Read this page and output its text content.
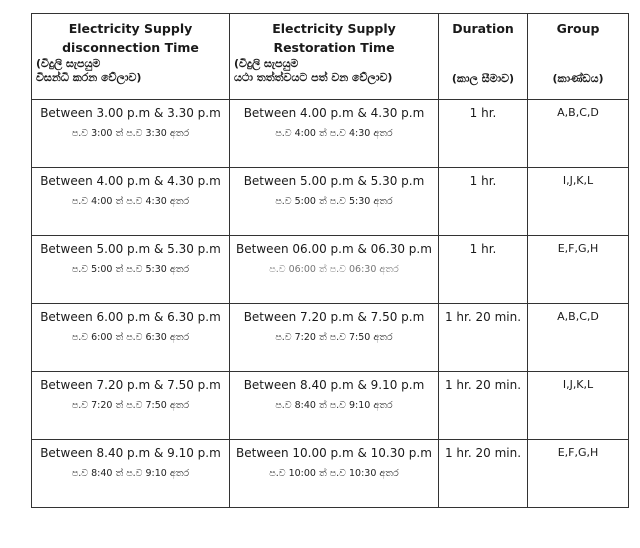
Electricity Supply disconnection Time
(විදුලි සැපයුම
විසන්ධි කරන වේලාව)	Electricity Supply Restoration Time
(විදුලි සැපයුම
යථා තත්ත්වයට පත් වන වේලාව)	Duration
(කාල සීමාව)	Group
(කාණ්ඩය)

Between 3.00 p.m & 3.30 p.m
ප.ව 3:00 ත් ප.ව 3:30 අතර	Between 4.00 p.m & 4.30 p.m
ප.ව 4:00 ත් ප.ව 4:30 අතර	1 hr.	A,B,C,D

Between 4.00 p.m & 4.30 p.m
ප.ව 4:00 ත් ප.ව 4:30 අතර	Between 5.00 p.m & 5.30 p.m
ප.ව 5:00 ත් ප.ව 5:30 අතර	1 hr.	I,J,K,L

Between 5.00 p.m & 5.30 p.m
ප.ව 5:00 ත් ප.ව 5:30 අතර	Between 06.00 p.m & 06.30 p.m
ප.ව 06:00 ත් ප.ව 06:30 අතර	1 hr.	E,F,G,H

Between 6.00 p.m & 6.30 p.m
ප.ව 6:00 ත් ප.ව 6:30 අතර	Between 7.20 p.m & 7.50 p.m
ප.ව 7:20 ත් ප.ව 7:50 අතර	1 hr. 20 min.	A,B,C,D

Between 7.20 p.m & 7.50 p.m
ප.ව 7:20 ත් ප.ව 7:50 අතර	Between 8.40 p.m & 9.10 p.m
ප.ව 8:40 ත් ප.ව 9:10 අතර	1 hr. 20 min.	I,J,K,L

Between 8.40 p.m & 9.10 p.m
ප.ව 8:40 ත් ප.ව 9:10 අතර	Between 10.00 p.m & 10.30 p.m
ප.ව 10:00 ත් ප.ව 10:30 අතර	1 hr. 20 min.	E,F,G,H
